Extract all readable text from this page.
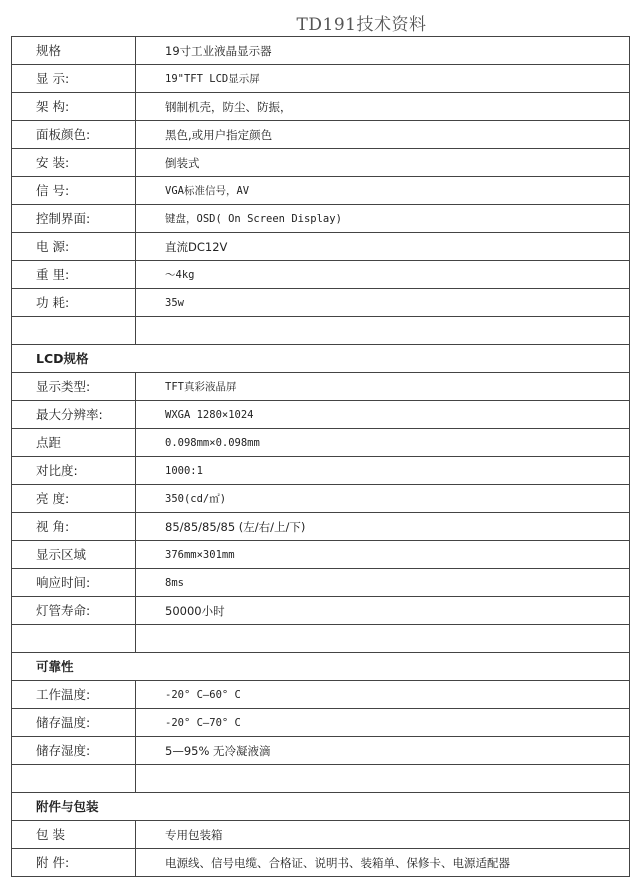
TD191技术资料
规格	19寸工业液晶显示器
显 示:	19"TFT LCD显示屏
架 构:	钢制机壳，防尘、防振，
面板颜色:	黑色,或用户指定颜色
安 装:	倒装式
信 号:	VGA标准信号，AV
控制界面:	键盘，OSD( On Screen Display)
电 源:	直流DC12V
重 里:	～4kg
功 耗:	35w

LCD规格	
显示类型:	TFT真彩液晶屏
最大分辨率:	WXGA 1280×1024
点距	0.098mm×0.098mm
对比度:	1000:1
亮 度:	350(cd/㎡)
视 角:	85/85/85/85 (左/右/上/下)
显示区域	376mm×301mm
响应时间:	8ms
灯管寿命:	50000小时

可靠性	
工作温度:	-20° C—60° C
储存温度:	-20° C—70° C
储存湿度:	5—95% 无冷凝液滴

附件与包装	
包 装	专用包装箱
附 件:	电源线、信号电缆、合格证、说明书、装箱单、保修卡、电源适配器
